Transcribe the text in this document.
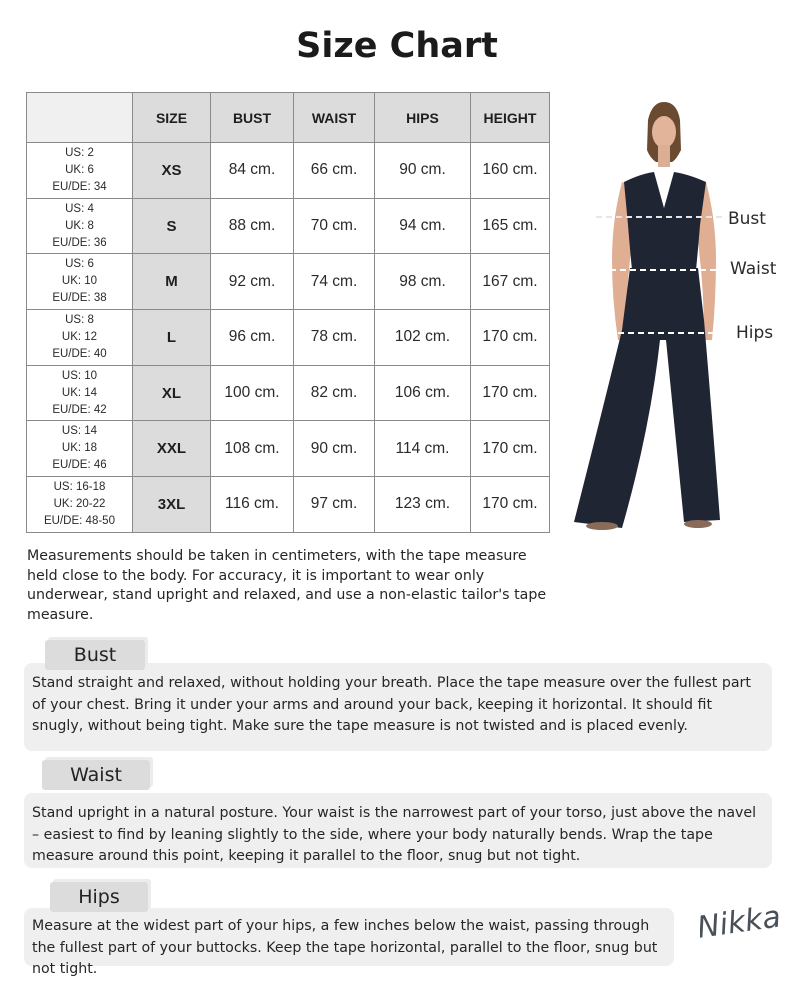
Size Chart
	SIZE	BUST	WAIST	HIPS	HEIGHT

US: 2
UK: 6
EU/DE: 34	XS	84 cm.	66 cm.	90 cm.	160 cm.

US: 4
UK: 8
EU/DE: 36	S	88 cm.	70 cm.	94 cm.	165 cm.

US: 6
UK: 10
EU/DE: 38	M	92 cm.	74 cm.	98 cm.	167 cm.

US: 8
UK: 12
EU/DE: 40	L	96 cm.	78 cm.	102 cm.	170 cm.

US: 10
UK: 14
EU/DE: 42	XL	100 cm.	82 cm.	106 cm.	170 cm.

US: 14
UK: 18
EU/DE: 46	XXL	108 cm.	90 cm.	114 cm.	170 cm.

US: 16-18
UK: 20-22
EU/DE: 48-50	3XL	116 cm.	97 cm.	123 cm.	170 cm.
Bust
Waist
Hips
Measurements should be taken in centimeters, with the tape measure held close to the body. For accuracy, it is important to wear only underwear, stand upright and relaxed, and use a non-elastic tailor's tape measure.
Stand straight and relaxed, without holding your breath. Place the tape measure over the fullest part of your chest. Bring it under your arms and around your back, keeping it horizontal. It should fit snugly, without being tight. Make sure the tape measure is not twisted and is placed evenly.
Bust
Stand upright in a natural posture. Your waist is the narrowest part of your torso, just above the navel – easiest to find by leaning slightly to the side, where your body naturally bends. Wrap the tape measure around this point, keeping it parallel to the floor, snug but not tight.
Waist
Measure at the widest part of your hips, a few inches below the waist, passing through the fullest part of your buttocks. Keep the tape horizontal, parallel to the floor, snug but not tight.
Hips
Nikka
